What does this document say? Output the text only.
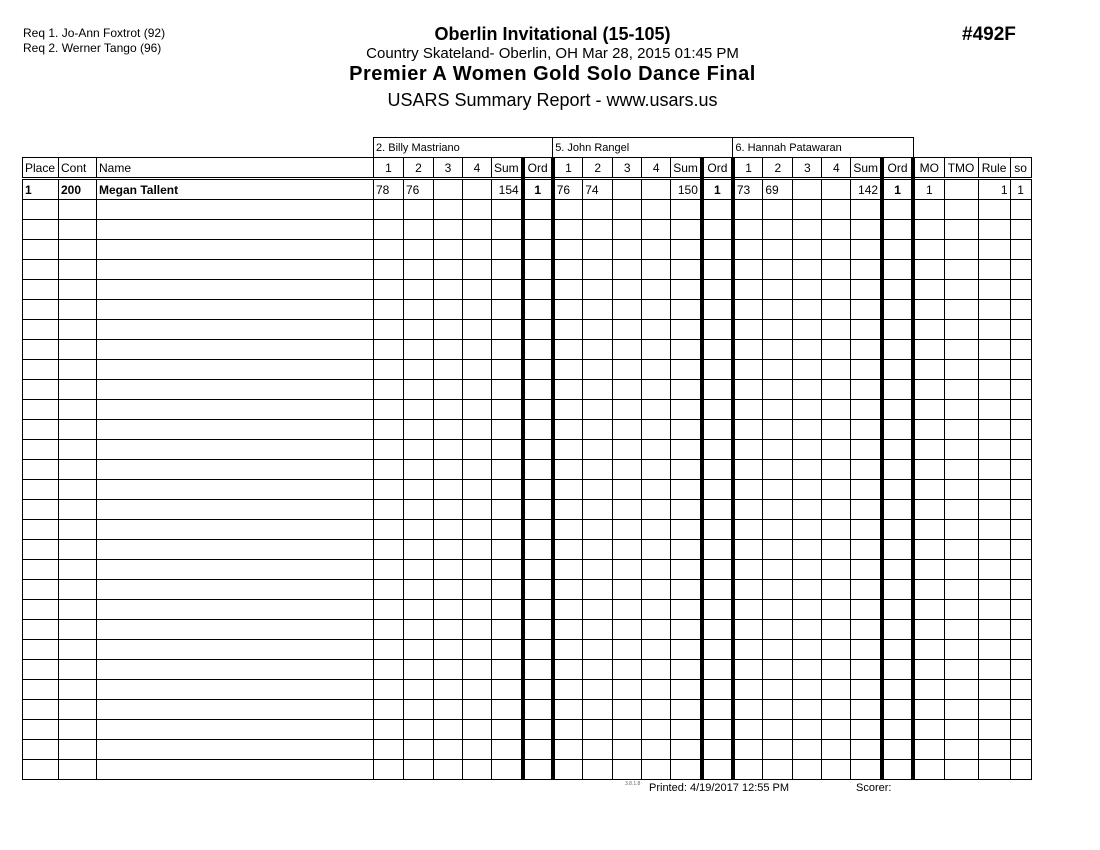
Req 1. Jo-Ann Foxtrot (92)
Req 2. Werner Tango (96)
Oberlin Invitational (15-105)
Country Skateland- Oberlin, OH Mar 28, 2015 01:45 PM
Premier A Women Gold Solo Dance Final
USARS Summary Report - www.usars.us
#492F
			2. Billy Mastriano						5. John Rangel						6. Hannah Patawaran									
Place	Cont	Name	1	2	3	4	Sum	Ord	1	2	3	4	Sum	Ord	1	2	3	4	Sum	Ord	MO	TMO	Rule	so
1	200	Megan Tallent	78	76			154	1	76	74			150	1	73	69			142	1	1		1	1

3.8.1.8 Printed: 4/19/2017 12:55 PM	Scorer:
